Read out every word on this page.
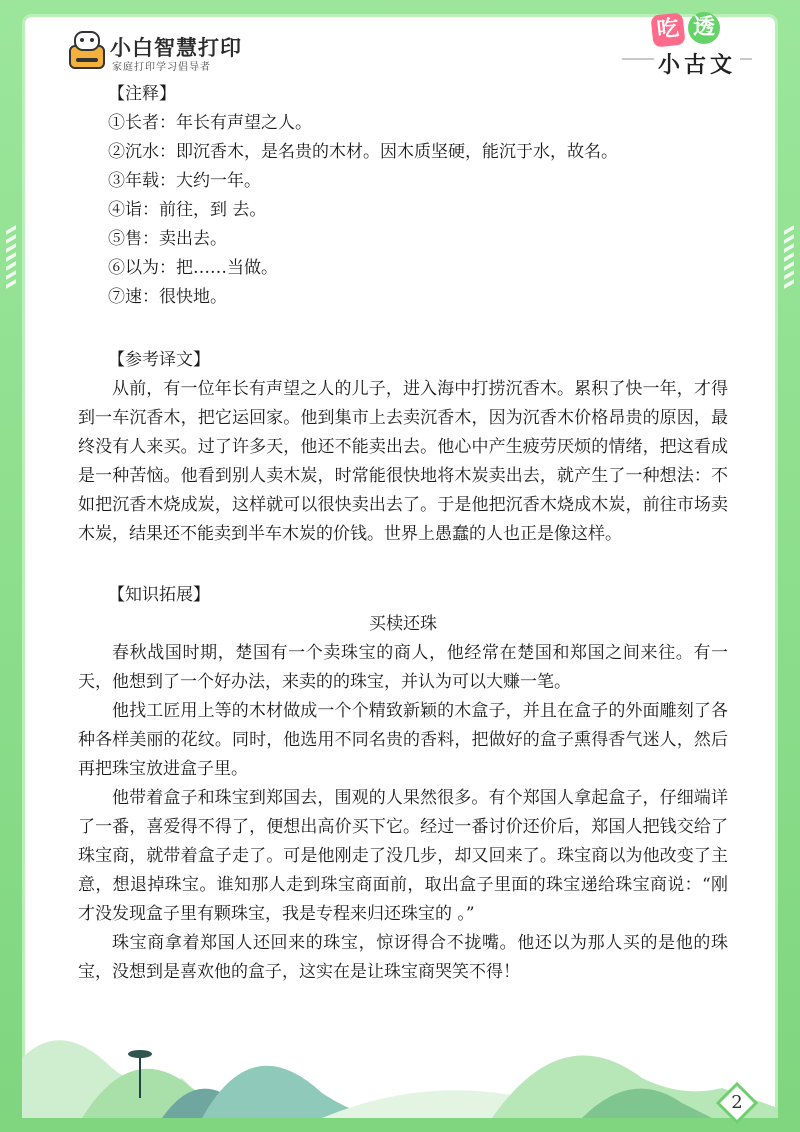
小白智慧打印
家庭打印学习倡导者
吃 透
小古文

【注释】

①长者：年长有声望之人。

②沉水：即沉香木，是名贵的木材。因木质坚硬，能沉于水，故名。

③年载：大约一年。

④诣：前往，到 去。

⑤售：卖出去。

⑥以为：把……当做。

⑦速：很快地。

【参考译文】

从前，有一位年长有声望之人的儿子，进入海中打捞沉香木。累积了快一年，才得到一车沉香木，把它运回家。他到集市上去卖沉香木，因为沉香木价格昂贵的原因，最终没有人来买。过了许多天，他还不能卖出去。他心中产生疲劳厌烦的情绪，把这看成是一种苦恼。他看到别人卖木炭，时常能很快地将木炭卖出去，就产生了一种想法：不如把沉香木烧成炭，这样就可以很快卖出去了。于是他把沉香木烧成木炭，前往市场卖木炭，结果还不能卖到半车木炭的价钱。世界上愚蠢的人也正是像这样。

【知识拓展】

买椟还珠

春秋战国时期，楚国有一个卖珠宝的商人，他经常在楚国和郑国之间来往。有一天，他想到了一个好办法，来卖的的珠宝，并认为可以大赚一笔。

他找工匠用上等的木材做成一个个精致新颖的木盒子，并且在盒子的外面雕刻了各种各样美丽的花纹。同时，他选用不同名贵的香料，把做好的盒子熏得香气迷人，然后再把珠宝放进盒子里。

他带着盒子和珠宝到郑国去，围观的人果然很多。有个郑国人拿起盒子，仔细端详了一番，喜爱得不得了，便想出高价买下它。经过一番讨价还价后，郑国人把钱交给了珠宝商，就带着盒子走了。可是他刚走了没几步，却又回来了。珠宝商以为他改变了主意，想退掉珠宝。谁知那人走到珠宝商面前，取出盒子里面的珠宝递给珠宝商说：“刚才没发现盒子里有颗珠宝，我是专程来归还珠宝的 。”

珠宝商拿着郑国人还回来的珠宝，惊讶得合不拢嘴。他还以为那人买的是他的珠宝，没想到是喜欢他的盒子，这实在是让珠宝商哭笑不得！

2
